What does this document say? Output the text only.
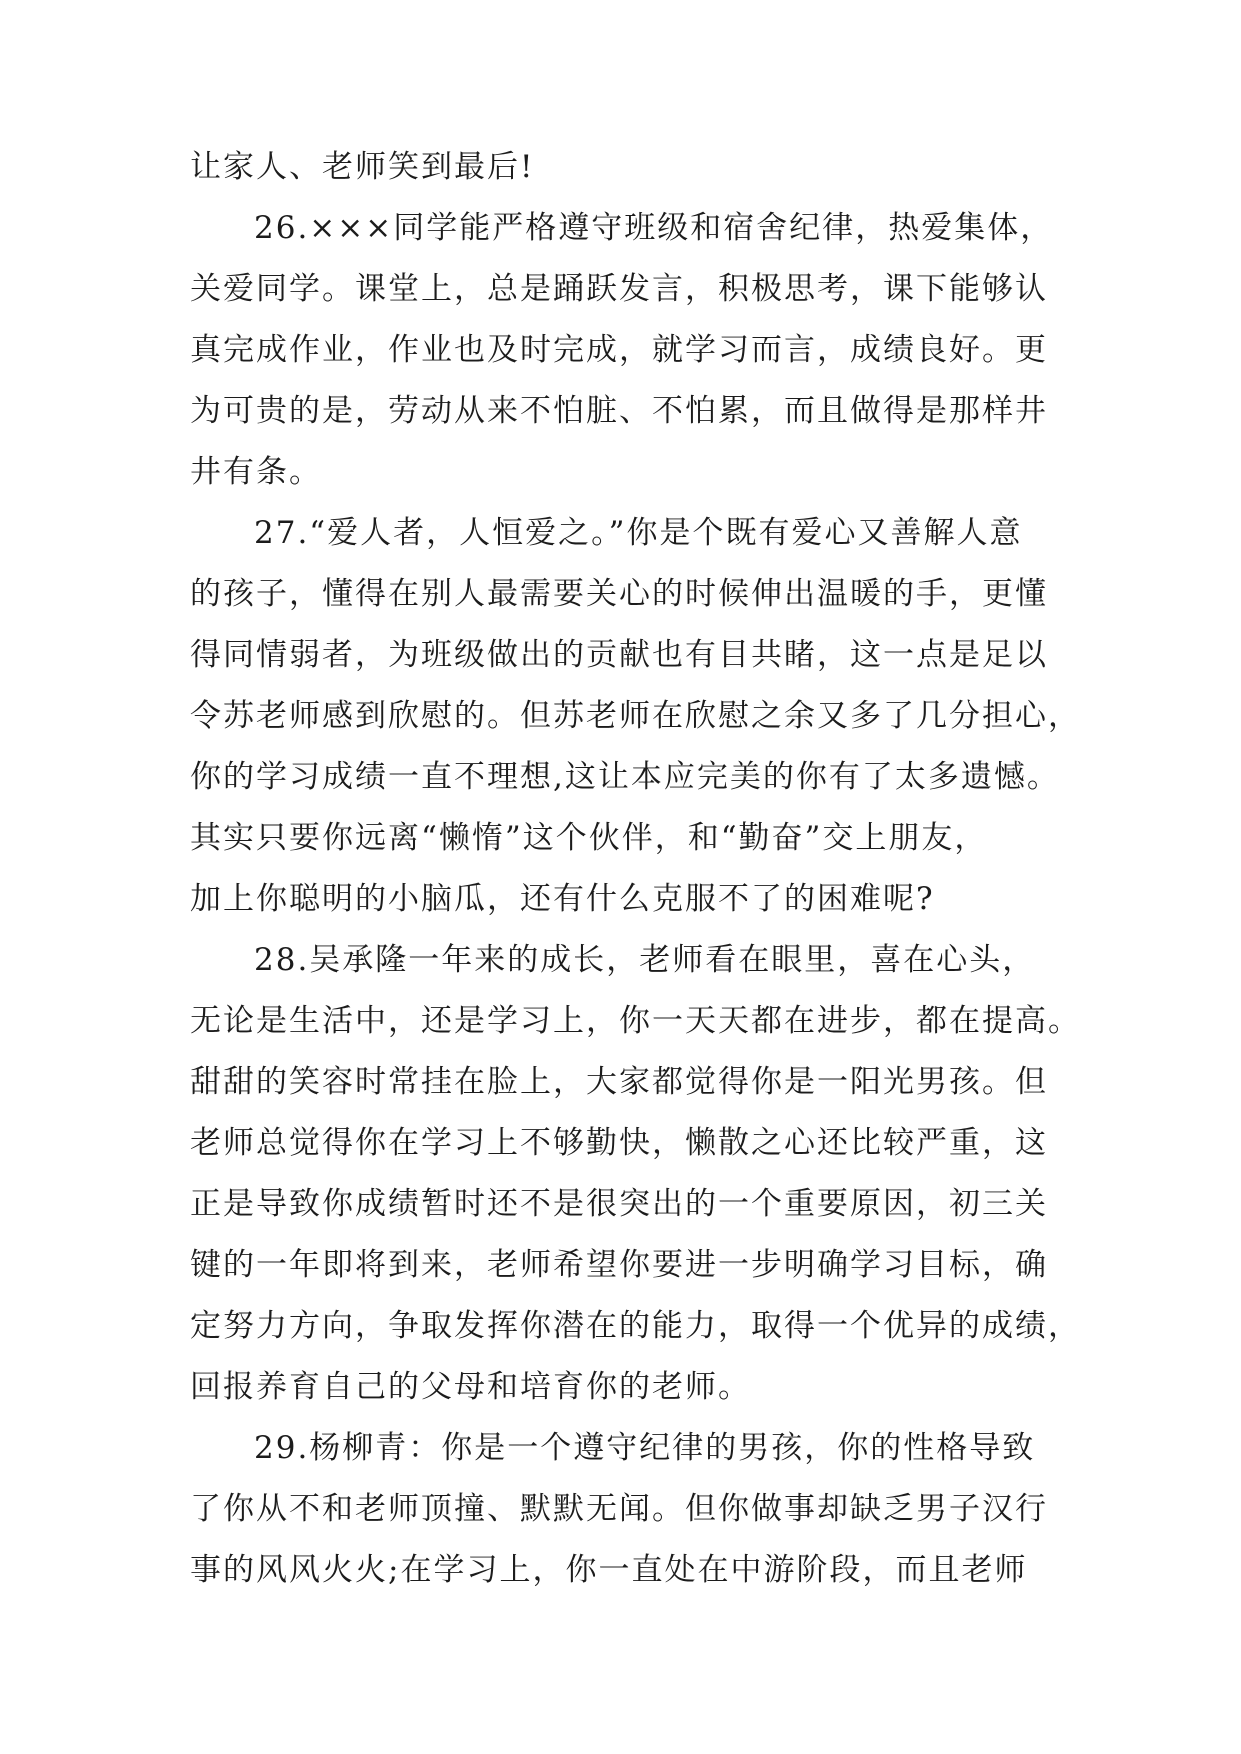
让家人、老师笑到最后!
26.×××同学能严格遵守班级和宿舍纪律，热爱集体，
关爱同学。课堂上，总是踊跃发言，积极思考，课下能够认
真完成作业，作业也及时完成，就学习而言，成绩良好。更
为可贵的是，劳动从来不怕脏、不怕累，而且做得是那样井
井有条。
27.“爱人者，人恒爱之。”你是个既有爱心又善解人意
的孩子，懂得在别人最需要关心的时候伸出温暖的手，更懂
得同情弱者，为班级做出的贡献也有目共睹，这一点是足以
令苏老师感到欣慰的。但苏老师在欣慰之余又多了几分担心，
你的学习成绩一直不理想,这让本应完美的你有了太多遗憾。
其实只要你远离“懒惰”这个伙伴，和“勤奋”交上朋友，
加上你聪明的小脑瓜，还有什么克服不了的困难呢?
28.吴承隆一年来的成长，老师看在眼里，喜在心头，
无论是生活中，还是学习上，你一天天都在进步，都在提高。
甜甜的笑容时常挂在脸上，大家都觉得你是一阳光男孩。但
老师总觉得你在学习上不够勤快，懒散之心还比较严重，这
正是导致你成绩暂时还不是很突出的一个重要原因，初三关
键的一年即将到来，老师希望你要进一步明确学习目标，确
定努力方向，争取发挥你潜在的能力，取得一个优异的成绩，
回报养育自己的父母和培育你的老师。
29.杨柳青：你是一个遵守纪律的男孩，你的性格导致
了你从不和老师顶撞、默默无闻。但你做事却缺乏男子汉行
事的风风火火;在学习上，你一直处在中游阶段，而且老师
